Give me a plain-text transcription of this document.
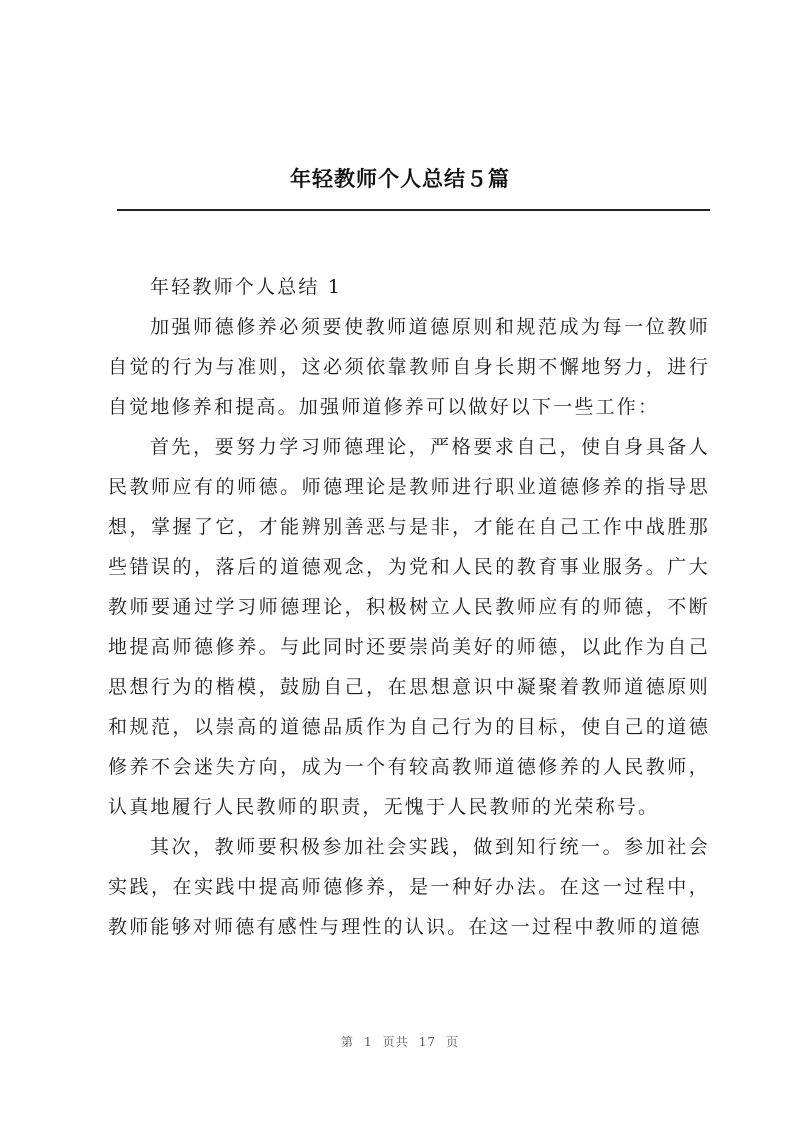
年轻教师个人总结５篇

年轻教师个人总结 1

加强师德修养必须要使教师道德原则和规范成为每一位教师自觉的行为与准则，这必须依靠教师自身长期不懈地努力，进行自觉地修养和提高。加强师道修养可以做好以下一些工作：

首先，要努力学习师德理论，严格要求自己，使自身具备人民教师应有的师德。师德理论是教师进行职业道德修养的指导思想，掌握了它，才能辨别善恶与是非，才能在自己工作中战胜那些错误的，落后的道德观念，为党和人民的教育事业服务。广大教师要通过学习师德理论，积极树立人民教师应有的师德，不断地提高师德修养。与此同时还要崇尚美好的师德，以此作为自己思想行为的楷模，鼓励自己，在思想意识中凝聚着教师道德原则和规范，以崇高的道德品质作为自己行为的目标，使自己的道德修养不会迷失方向，成为一个有较高教师道德修养的人民教师，认真地履行人民教师的职责，无愧于人民教师的光荣称号。

其次，教师要积极参加社会实践，做到知行统一。参加社会实践，在实践中提高师德修养，是一种好办法。在这一过程中，教师能够对师德有感性与理性的认识。在这一过程中教师的道德

第 1 页共 17 页
